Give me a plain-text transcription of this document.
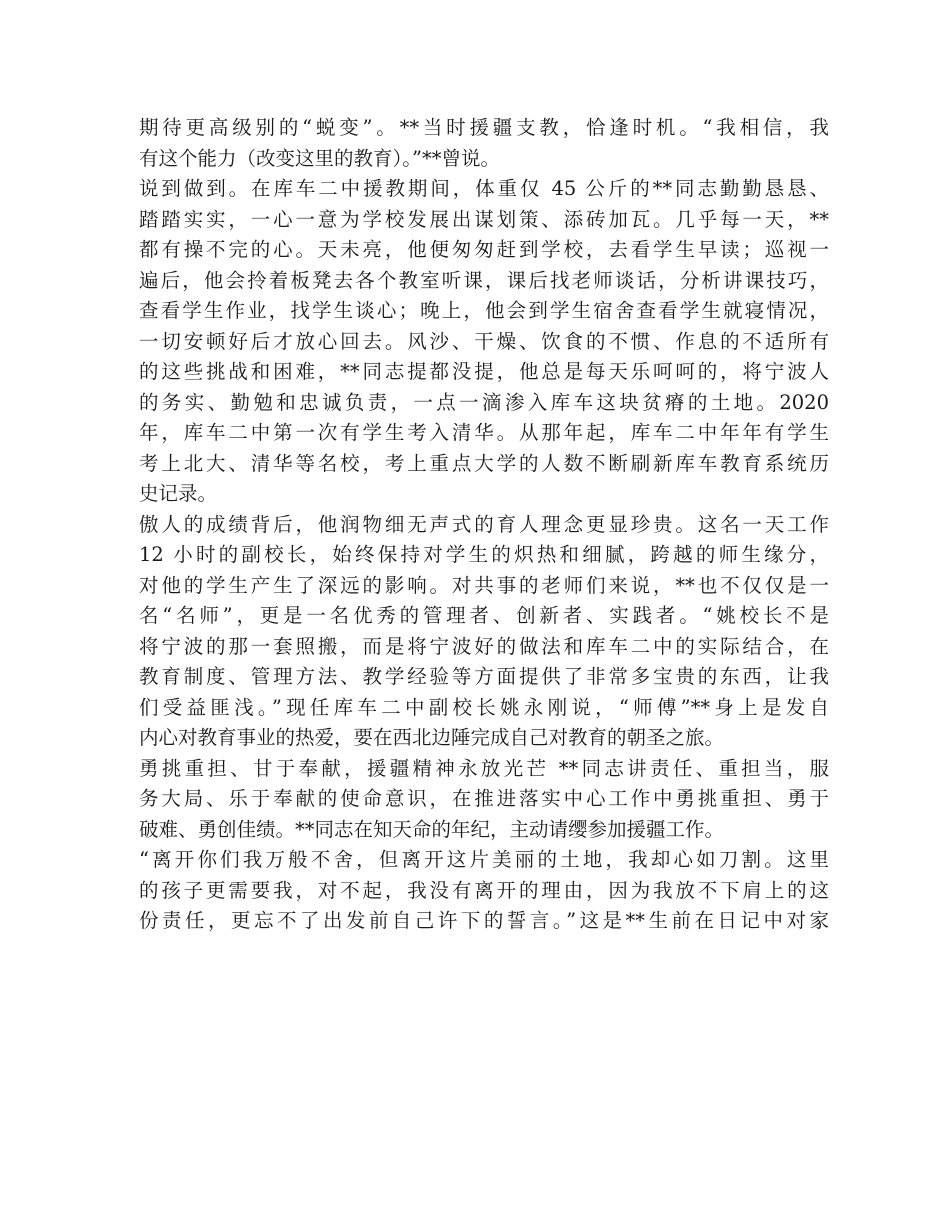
期待更高级别的“蜕变”。**当时援疆支教，恰逢时机。“我相信，我
有这个能力（改变这里的教育）。”**曾说。
说到做到。在库车二中援教期间，体重仅 45 公斤的**同志勤勤恳恳、
踏踏实实，一心一意为学校发展出谋划策、添砖加瓦。几乎每一天，**
都有操不完的心。天未亮，他便匆匆赶到学校，去看学生早读；巡视一
遍后，他会拎着板凳去各个教室听课，课后找老师谈话，分析讲课技巧，
查看学生作业，找学生谈心；晚上，他会到学生宿舍查看学生就寝情况，
一切安顿好后才放心回去。风沙、干燥、饮食的不惯、作息的不适所有
的这些挑战和困难，**同志提都没提，他总是每天乐呵呵的，将宁波人
的务实、勤勉和忠诚负责，一点一滴渗入库车这块贫瘠的土地。2020
年，库车二中第一次有学生考入清华。从那年起，库车二中年年有学生
考上北大、清华等名校，考上重点大学的人数不断刷新库车教育系统历
史记录。
傲人的成绩背后，他润物细无声式的育人理念更显珍贵。这名一天工作
12 小时的副校长，始终保持对学生的炽热和细腻，跨越的师生缘分，
对他的学生产生了深远的影响。对共事的老师们来说，**也不仅仅是一
名“名师”，更是一名优秀的管理者、创新者、实践者。“姚校长不是
将宁波的那一套照搬，而是将宁波好的做法和库车二中的实际结合，在
教育制度、管理方法、教学经验等方面提供了非常多宝贵的东西，让我
们受益匪浅。”现任库车二中副校长姚永刚说，“师傅”**身上是发自
内心对教育事业的热爱，要在西北边陲完成自己对教育的朝圣之旅。
勇挑重担、甘于奉献，援疆精神永放光芒 **同志讲责任、重担当，服
务大局、乐于奉献的使命意识，在推进落实中心工作中勇挑重担、勇于
破难、勇创佳绩。**同志在知天命的年纪，主动请缨参加援疆工作。
“离开你们我万般不舍，但离开这片美丽的土地，我却心如刀割。这里
的孩子更需要我，对不起，我没有离开的理由，因为我放不下肩上的这
份责任，更忘不了出发前自己许下的誓言。”这是**生前在日记中对家
